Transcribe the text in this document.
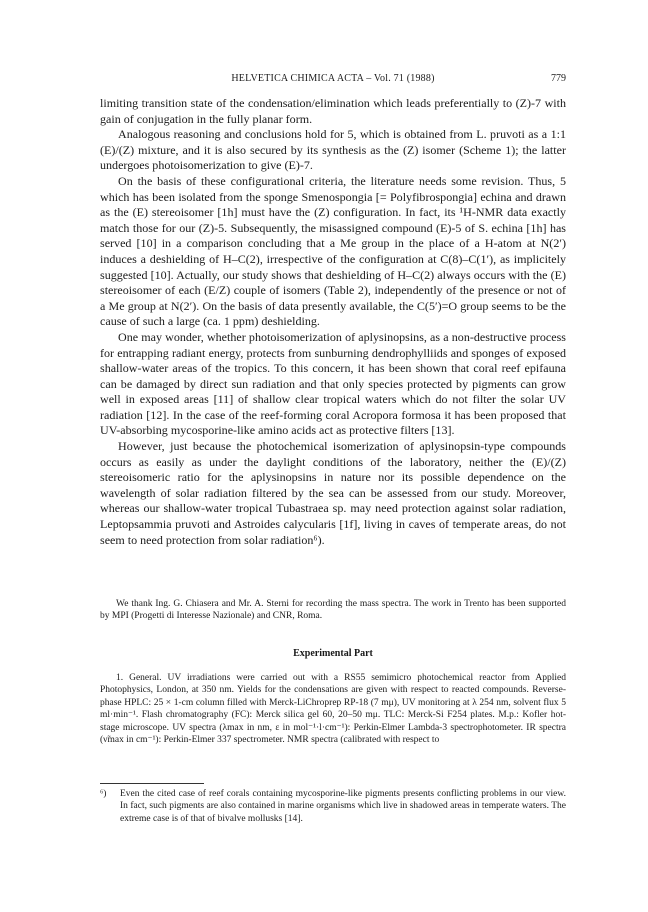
HELVETICA CHIMICA ACTA – Vol. 71 (1988)	779

limiting transition state of the condensation/elimination which leads preferentially to (Z)-7 with gain of conjugation in the fully planar form.

Analogous reasoning and conclusions hold for 5, which is obtained from L. pruvoti as a 1:1 (E)/(Z) mixture, and it is also secured by its synthesis as the (Z) isomer (Scheme 1); the latter undergoes photoisomerization to give (E)-7.

On the basis of these configurational criteria, the literature needs some revision. Thus, 5 which has been isolated from the sponge Smenospongia [= Polyfibrospongia] echina and drawn as the (E) stereoisomer [1h] must have the (Z) configuration. In fact, its ¹H-NMR data exactly match those for our (Z)-5. Subsequently, the misassigned compound (E)-5 of S. echina [1h] has served [10] in a comparison concluding that a Me group in the place of a H-atom at N(2′) induces a deshielding of H–C(2), irrespective of the configuration at C(8)–C(1′), as implicitely suggested [10]. Actually, our study shows that deshielding of H–C(2) always occurs with the (E) stereoisomer of each (E/Z) couple of isomers (Table 2), independently of the presence or not of a Me group at N(2′). On the basis of data presently available, the C(5′)=O group seems to be the cause of such a large (ca. 1 ppm) deshielding.

One may wonder, whether photoisomerization of aplysinopsins, as a non-destructive process for entrapping radiant energy, protects from sunburning dendrophylliids and sponges of exposed shallow-water areas of the tropics. To this concern, it has been shown that coral reef epifauna can be damaged by direct sun radiation and that only species protected by pigments can grow well in exposed areas [11] of shallow clear tropical waters which do not filter the solar UV radiation [12]. In the case of the reef-forming coral Acropora formosa it has been proposed that UV-absorbing mycosporine-like amino acids act as protective filters [13].

However, just because the photochemical isomerization of aplysinopsin-type compounds occurs as easily as under the daylight conditions of the laboratory, neither the (E)/(Z) stereoisomeric ratio for the aplysinopsins in nature nor its possible dependence on the wavelength of solar radiation filtered by the sea can be assessed from our study. Moreover, whereas our shallow-water tropical Tubastraea sp. may need protection against solar radiation, Leptopsammia pruvoti and Astroides calycularis [1f], living in caves of temperate areas, do not seem to need protection from solar radiation⁶).

We thank Ing. G. Chiasera and Mr. A. Sterni for recording the mass spectra. The work in Trento has been supported by MPI (Progetti di Interesse Nazionale) and CNR, Roma.

Experimental Part

1. General. UV irradiations were carried out with a RS55 semimicro photochemical reactor from Applied Photophysics, London, at 350 nm. Yields for the condensations are given with respect to reacted compounds. Reverse-phase HPLC: 25 × 1-cm column filled with Merck-LiChroprep RP-18 (7 mμ), UV monitoring at λ 254 nm, solvent flux 5 ml·min⁻¹. Flash chromatography (FC): Merck silica gel 60, 20–50 mμ. TLC: Merck-Si F254 plates. M.p.: Kofler hot-stage microscope. UV spectra (λmax in nm, ε in mol⁻¹·l·cm⁻¹): Perkin-Elmer Lambda-3 spectrophotometer. IR spectra (ν̃max in cm⁻¹): Perkin-Elmer 337 spectrometer. NMR spectra (calibrated with respect to

⁶)	Even the cited case of reef corals containing mycosporine-like pigments presents conflicting problems in our view. In fact, such pigments are also contained in marine organisms which live in shadowed areas in temperate waters. The extreme case is of that of bivalve mollusks [14].
